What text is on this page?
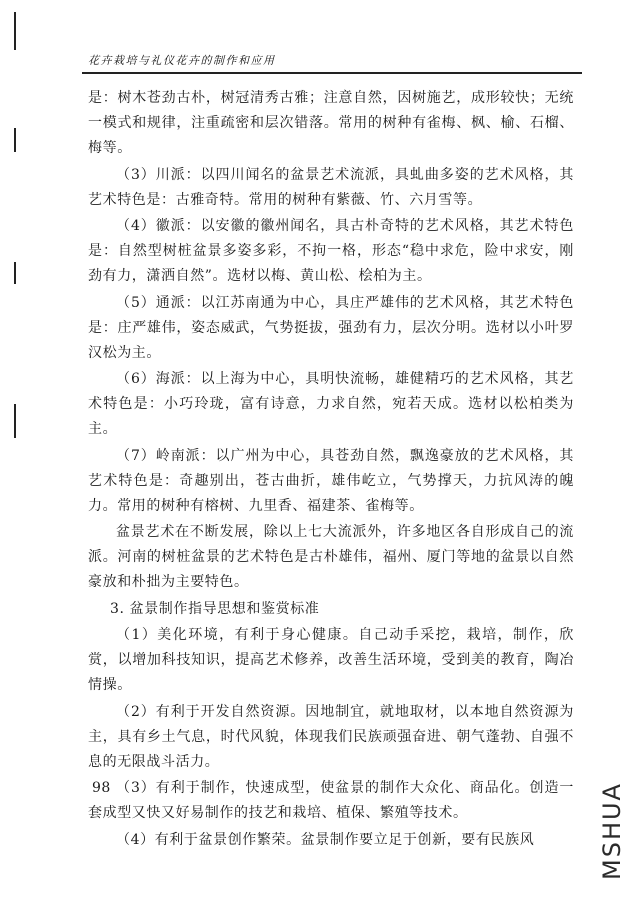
花卉栽培与礼仪花卉的制作和应用

是：树木苍劲古朴，树冠清秀古雅；注意自然，因树施艺，成形较快；无统一模式和规律，注重疏密和层次错落。常用的树种有雀梅、枫、榆、石榴、梅等。

（3）川派：以四川闻名的盆景艺术流派，具虬曲多姿的艺术风格，其艺术特色是：古雅奇特。常用的树种有紫薇、竹、六月雪等。

（4）徽派：以安徽的徽州闻名，具古朴奇特的艺术风格，其艺术特色是：自然型树桩盆景多姿多彩，不拘一格，形态“稳中求危，险中求安，刚劲有力，潇洒自然”。选材以梅、黄山松、桧柏为主。

（5）通派：以江苏南通为中心，具庄严雄伟的艺术风格，其艺术特色是：庄严雄伟，姿态威武，气势挺拔，强劲有力，层次分明。选材以小叶罗汉松为主。

（6）海派：以上海为中心，具明快流畅，雄健精巧的艺术风格，其艺术特色是：小巧玲珑，富有诗意，力求自然，宛若天成。选材以松柏类为主。

（7）岭南派：以广州为中心，具苍劲自然，飘逸豪放的艺术风格，其艺术特色是：奇趣别出，苍古曲折，雄伟屹立，气势撑天，力抗风涛的魄力。常用的树种有榕树、九里香、福建茶、雀梅等。

盆景艺术在不断发展，除以上七大流派外，许多地区各自形成自己的流派。河南的树桩盆景的艺术特色是古朴雄伟，福州、厦门等地的盆景以自然豪放和朴拙为主要特色。

3. 盆景制作指导思想和鉴赏标准

（1）美化环境，有利于身心健康。自己动手采挖，栽培，制作，欣赏，以增加科技知识，提高艺术修养，改善生活环境，受到美的教育，陶冶情操。

（2）有利于开发自然资源。因地制宜，就地取材，以本地自然资源为主，具有乡土气息，时代风貌，体现我们民族顽强奋进、朝气蓬勃、自强不息的无限战斗活力。

（3）有利于制作，快速成型，使盆景的制作大众化、商品化。创造一套成型又快又好易制作的技艺和栽培、植保、繁殖等技术。

（4）有利于盆景创作繁荣。盆景制作要立足于创新，要有民族风

98	MSHUA
